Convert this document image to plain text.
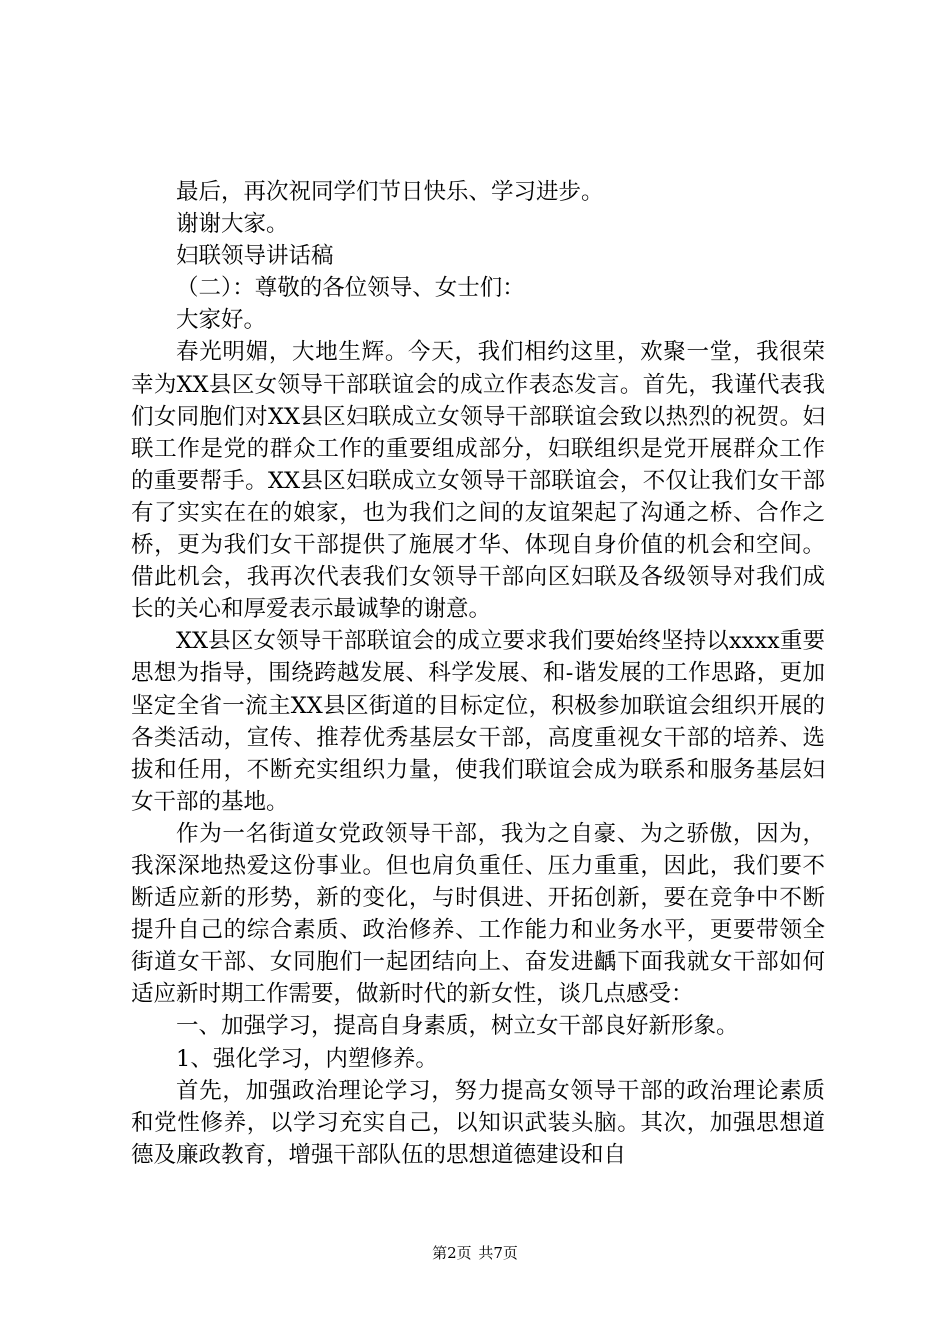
最后，再次祝同学们节日快乐、学习进步。

谢谢大家。

妇联领导讲话稿

（二）：尊敬的各位领导、女士们：

大家好。

春光明媚，大地生辉。今天，我们相约这里，欢聚一堂，我很荣幸为XX县区女领导干部联谊会的成立作表态发言。首先，我谨代表我们女同胞们对XX县区妇联成立女领导干部联谊会致以热烈的祝贺。妇联工作是党的群众工作的重要组成部分，妇联组织是党开展群众工作的重要帮手。XX县区妇联成立女领导干部联谊会，不仅让我们女干部有了实实在在的娘家，也为我们之间的友谊架起了沟通之桥、合作之桥，更为我们女干部提供了施展才华、体现自身价值的机会和空间。借此机会，我再次代表我们女领导干部向区妇联及各级领导对我们成长的关心和厚爱表示最诚挚的谢意。

XX县区女领导干部联谊会的成立要求我们要始终坚持以xxxx重要思想为指导，围绕跨越发展、科学发展、和-谐发展的工作思路，更加坚定全省一流主XX县区街道的目标定位，积极参加联谊会组织开展的各类活动，宣传、推荐优秀基层女干部，高度重视女干部的培养、选拔和任用，不断充实组织力量，使我们联谊会成为联系和服务基层妇女干部的基地。

作为一名街道女党政领导干部，我为之自豪、为之骄傲，因为，我深深地热爱这份事业。但也肩负重任、压力重重，因此，我们要不断适应新的形势，新的变化，与时俱进、开拓创新，要在竞争中不断提升自己的综合素质、政治修养、工作能力和业务水平，更要带领全街道女干部、女同胞们一起团结向上、奋发进齲下面我就女干部如何适应新时期工作需要，做新时代的新女性，谈几点感受：

一、加强学习，提高自身素质，树立女干部良好新形象。

1、强化学习，内塑修养。

首先，加强政治理论学习，努力提高女领导干部的政治理论素质和党性修养，以学习充实自己，以知识武装头脑。其次，加强思想道德及廉政教育，增强干部队伍的思想道德建设和自

第2页 共7页
